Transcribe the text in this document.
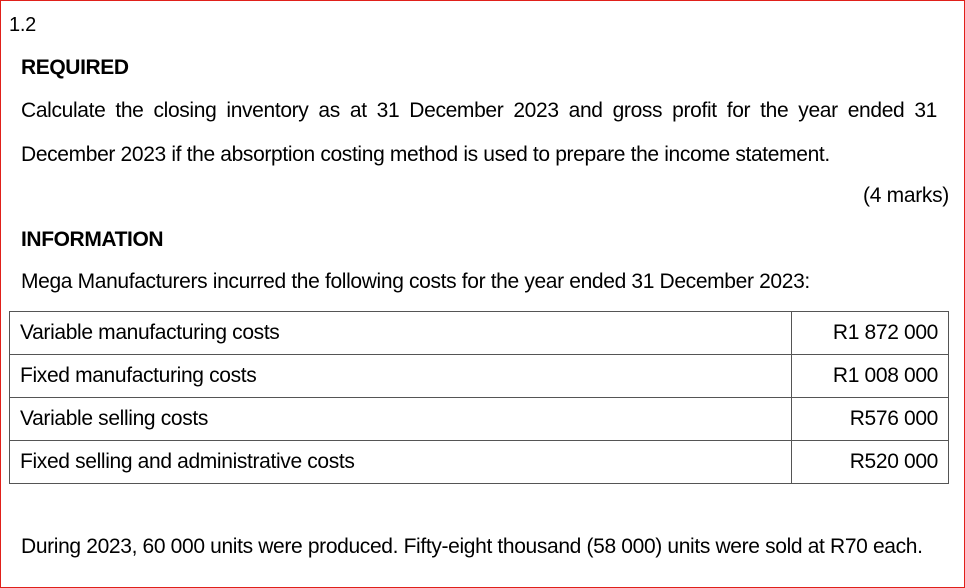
1.2
REQUIRED
Calculate the closing inventory as at 31 December 2023 and gross profit for the year ended 31 December 2023 if the absorption costing method is used to prepare the income statement.
(4 marks)
INFORMATION
Mega Manufacturers incurred the following costs for the year ended 31 December 2023:
Variable manufacturing costs	R1 872 000
Fixed manufacturing costs	R1 008 000
Variable selling costs	R576 000
Fixed selling and administrative costs	R520 000
During 2023, 60 000 units were produced. Fifty-eight thousand (58 000) units were sold at R70 each.
